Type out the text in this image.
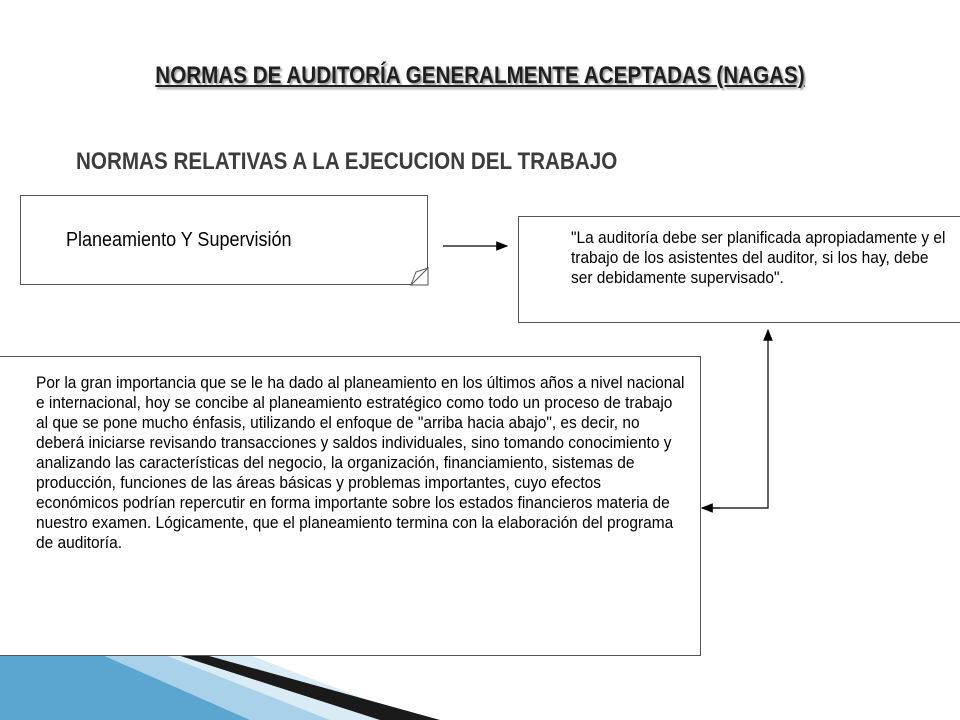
NORMAS DE AUDITORÍA GENERALMENTE ACEPTADAS (NAGAS)
NORMAS RELATIVAS A LA EJECUCION DEL TRABAJO
Planeamiento Y Supervisión	"La auditoría debe ser planificada apropiadamente y el trabajo de los asistentes del auditor, si los hay, debe ser debidamente supervisado".
Por la gran importancia que se le ha dado al planeamiento en los últimos años a nivel nacional e internacional, hoy se concibe al planeamiento estratégico como todo un proceso de trabajo al que se pone mucho énfasis, utilizando el enfoque de "arriba hacia abajo", es decir, no deberá iniciarse revisando transacciones y saldos individuales, sino tomando conocimiento y analizando las características del negocio, la organización, financiamiento, sistemas de producción, funciones de las áreas básicas y problemas importantes, cuyo efectos económicos podrían repercutir en forma importante sobre los estados financieros materia de nuestro examen. Lógicamente, que el planeamiento termina con la elaboración del programa de auditoría.
